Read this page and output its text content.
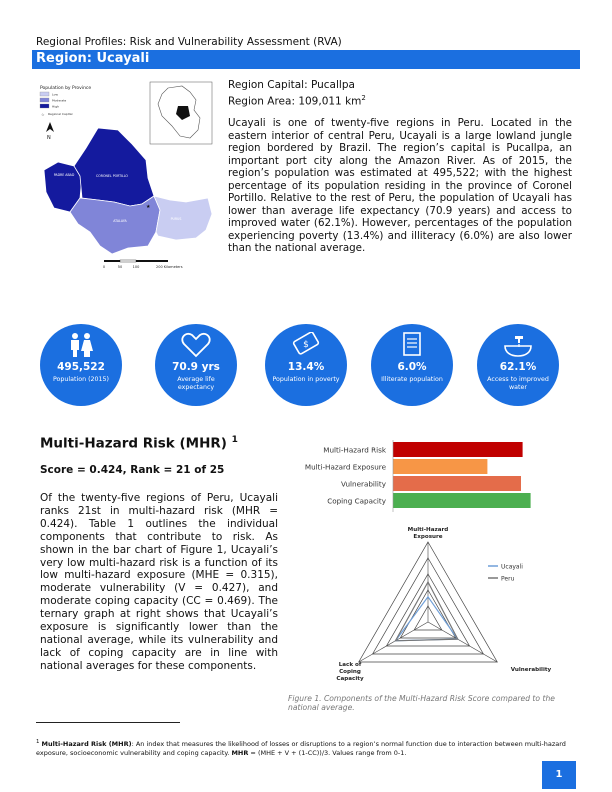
Regional Profiles: Risk and Vulnerability Assessment (RVA)
Region: Ucayali
Population by Province
Low
Moderate
High
☆ Regional Capital
N
PADRE ABAD	CORONEL PORTILLO
ATALAYA	PURUS
★
0	50	100	200 Kilometers
Region Capital: Pucallpa
Region Area: 109,011 $km^2$
Ucayali is one of twenty-five regions in Peru. Located in the eastern interior of central Peru, Ucayali is a large lowland jungle region bordered by Brazil. The region’s capital is Pucallpa, an important port city along the Amazon River. As of 2015, the region’s population was estimated at 495,522; with the highest percentage of its population residing in the province of Coronel Portillo. Relative to the rest of Peru, the population of Ucayali has lower than average life expectancy (70.9 years) and access to improved water (62.1%). However, percentages of the population experiencing poverty (13.4%) and illiteracy (6.0%) are also lower than the national average.
495,522
Population (2015)
70.9 yrs
Average life expectancy
$
13.4%
Population in poverty
6.0%
Illiterate population
62.1%
Access to improved water
Multi-Hazard Risk (MHR) $^1$
Score = 0.424, Rank = 21 of 25
Of the twenty-five regions of Peru, Ucayali ranks 21st in multi-hazard risk (MHR = 0.424). Table 1 outlines the individual components that contribute to risk. As shown in the bar chart of Figure 1, Ucayali’s very low multi-hazard risk is a function of its low multi-hazard exposure (MHE = 0.315), moderate vulnerability (V = 0.427), and moderate coping capacity (CC = 0.469). The ternary graph at right shows that Ucayali’s exposure is significantly lower than the national average, while its vulnerability and lack of coping capacity are in line with national averages for these components.
Multi-Hazard Risk
Multi-Hazard Exposure
Vulnerability
Coping Capacity
Ucayali
Peru
Multi-Hazard Exposure
Vulnerability
Lack of Coping Capacity
Figure 1. Components of the Multi-Hazard Risk Score compared to the national average.
$^1$ Multi-Hazard Risk (MHR): An index that measures the likelihood of losses or disruptions to a region’s normal function due to interaction between multi-hazard exposure, socioeconomic vulnerability and coping capacity. MHR = (MHE + V + (1-CC))/3. Values range from 0-1.
1
